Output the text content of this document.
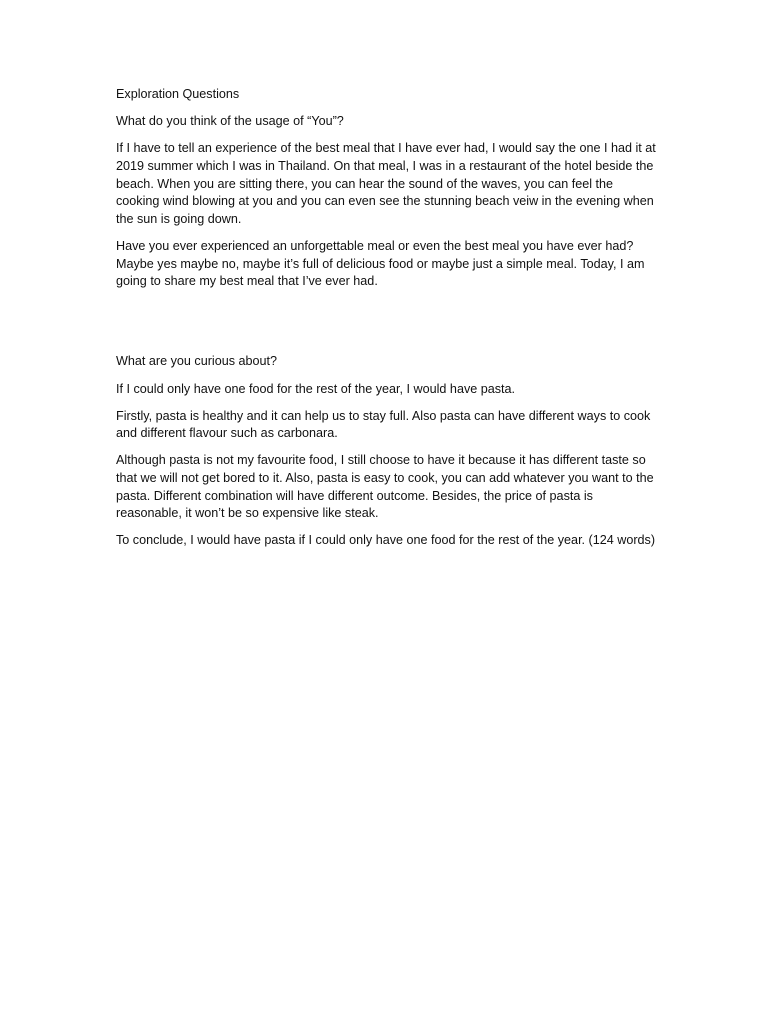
Exploration Questions

What do you think of the usage of “You”?

If I have to tell an experience of the best meal that I have ever had, I would say the one I had it at 2019 summer which I was in Thailand. On that meal, I was in a restaurant of the hotel beside the beach. When you are sitting there, you can hear the sound of the waves, you can feel the cooking wind blowing at you and you can even see the stunning beach veiw in the evening when the sun is going down.

Have you ever experienced an unforgettable meal or even the best meal you have ever had? Maybe yes maybe no, maybe it’s full of delicious food or maybe just a simple meal. Today, I am going to share my best meal that I’ve ever had.

What are you curious about?

If I could only have one food for the rest of the year, I would have pasta.

Firstly, pasta is healthy and it can help us to stay full. Also pasta can have different ways to cook and different flavour such as carbonara.

Although pasta is not my favourite food, I still choose to have it because it has different taste so that we will not get bored to it. Also, pasta is easy to cook, you can add whatever you want to the pasta. Different combination will have different outcome. Besides, the price of pasta is reasonable, it won’t be so expensive like steak.

To conclude, I would have pasta if I could only have one food for the rest of the year. (124 words)
